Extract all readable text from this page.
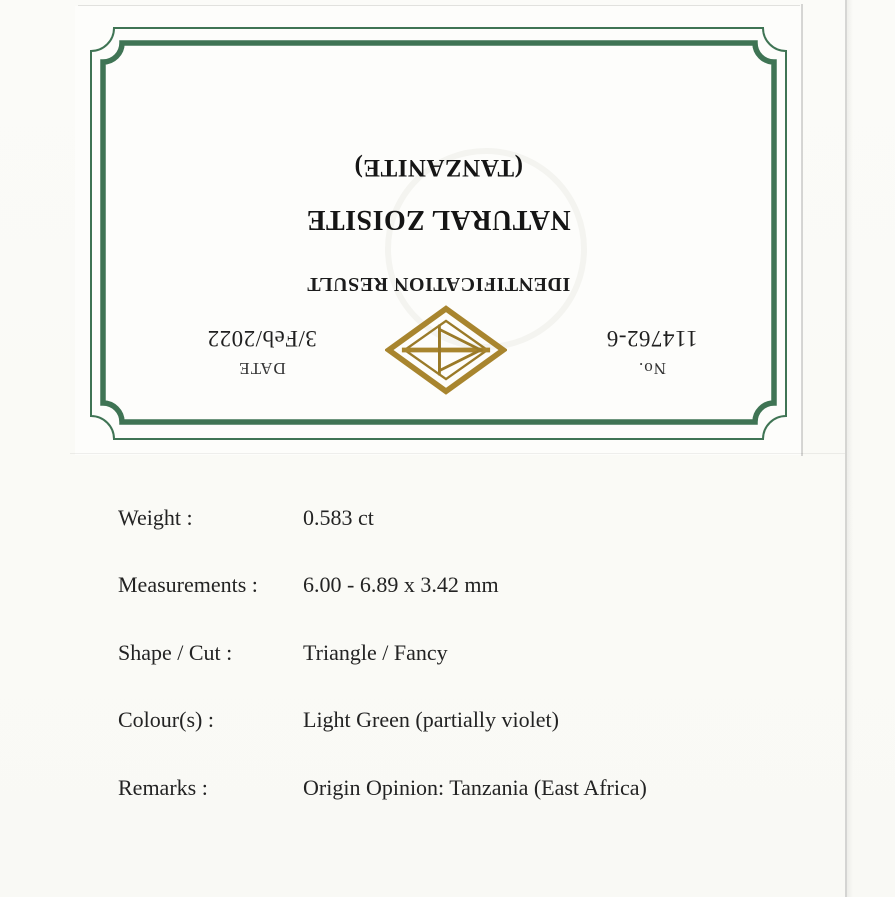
No.
114762-6
DATE
3/Feb/2022
IDENTIFICATION RESULT
NATURAL ZOISITE
(TANZANITE)
Weight :	0.583 ct
Measurements :	6.00 - 6.89 x 3.42 mm
Shape / Cut :	Triangle / Fancy
Colour(s) :	Light Green (partially violet)
Remarks :	Origin Opinion: Tanzania (East Africa)
